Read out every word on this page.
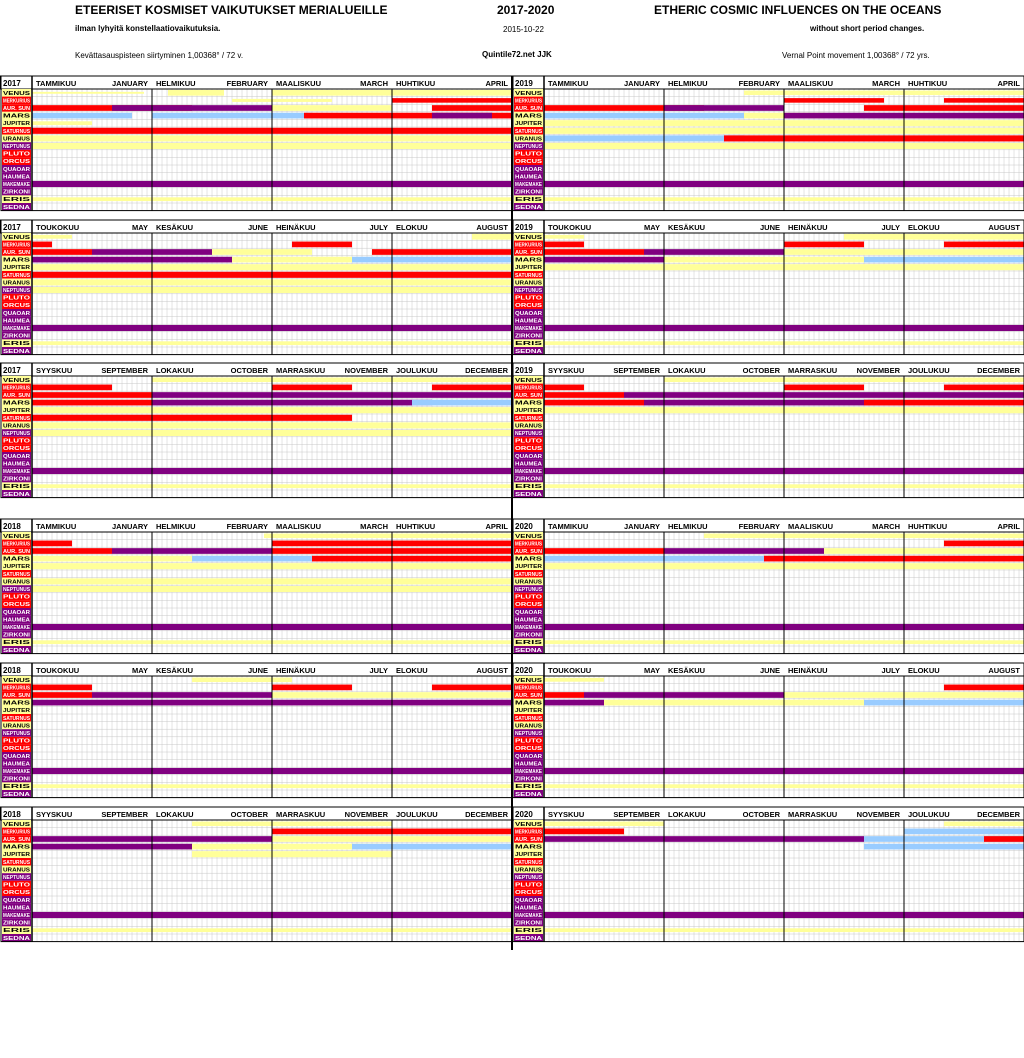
ETEERISET KOSMISET VAIKUTUKSET MERIALUEILLE	2017-2020	ETHERIC COSMIC INFLUENCES ON THE OCEANS
ilman lyhyitä konstellaatiovaikutuksia.	2015-10-22	without short period changes.
Kevättasauspisteen siirtyminen 1,00368° / 72 v.	Quintile72.net JJK	Vernal Point movement 1,00368° / 72 yrs.
2017 TAMMIKUU	JANUARY HELMIKUU	FEBRUARY MAALISKUU	MARCH HUHTIKUU	APRIL
VENUS
MERKURIUS
AUR. SUN
MARS
JUPITER
SATURNUS
URANUS
NEPTUNUS
PLUTO
ORCUS
QUAOAR
HAUMEA
MAKEMAKE
ZIRKONI
ERIS
SEDNA
2019 TAMMIKUU	JANUARY HELMIKUU	FEBRUARY MAALISKUU	MARCH HUHTIKUU	APRIL
VENUS
MERKURIUS
AUR. SUN
MARS
JUPITER
SATURNUS
URANUS
NEPTUNUS
PLUTO
ORCUS
QUAOAR
HAUMEA
MAKEMAKE
ZIRKONI
ERIS
SEDNA
2017 TOUKOKUU	MAY KESÄKUU	JUNE HEINÄKUU	JULY ELOKUU	AUGUST
VENUS
MERKURIUS
AUR. SUN
MARS
JUPITER
SATURNUS
URANUS
NEPTUNUS
PLUTO
ORCUS
QUAOAR
HAUMEA
MAKEMAKE
ZIRKONI
ERIS
SEDNA
2019 TOUKOKUU	MAY KESÄKUU	JUNE HEINÄKUU	JULY ELOKUU	AUGUST
VENUS
MERKURIUS
AUR. SUN
MARS
JUPITER
SATURNUS
URANUS
NEPTUNUS
PLUTO
ORCUS
QUAOAR
HAUMEA
MAKEMAKE
ZIRKONI
ERIS
SEDNA
2017 SYYSKUU	SEPTEMBER LOKAKUU	OCTOBER MARRASKUU	NOVEMBER JOULUKUU	DECEMBER
VENUS
MERKURIUS
AUR. SUN
MARS
JUPITER
SATURNUS
URANUS
NEPTUNUS
PLUTO
ORCUS
QUAOAR
HAUMEA
MAKEMAKE
ZIRKONI
ERIS
SEDNA
2019 SYYSKUU	SEPTEMBER LOKAKUU	OCTOBER MARRASKUU	NOVEMBER JOULUKUU	DECEMBER
VENUS
MERKURIUS
AUR. SUN
MARS
JUPITER
SATURNUS
URANUS
NEPTUNUS
PLUTO
ORCUS
QUAOAR
HAUMEA
MAKEMAKE
ZIRKONI
ERIS
SEDNA
2018 TAMMIKUU	JANUARY HELMIKUU	FEBRUARY MAALISKUU	MARCH HUHTIKUU	APRIL
VENUS
MERKURIUS
AUR. SUN
MARS
JUPITER
SATURNUS
URANUS
NEPTUNUS
PLUTO
ORCUS
QUAOAR
HAUMEA
MAKEMAKE
ZIRKONI
ERIS
SEDNA
2020 TAMMIKUU	JANUARY HELMIKUU	FEBRUARY MAALISKUU	MARCH HUHTIKUU	APRIL
VENUS
MERKURIUS
AUR. SUN
MARS
JUPITER
SATURNUS
URANUS
NEPTUNUS
PLUTO
ORCUS
QUAOAR
HAUMEA
MAKEMAKE
ZIRKONI
ERIS
SEDNA
2018 TOUKOKUU	MAY KESÄKUU	JUNE HEINÄKUU	JULY ELOKUU	AUGUST
VENUS
MERKURIUS
AUR. SUN
MARS
JUPITER
SATURNUS
URANUS
NEPTUNUS
PLUTO
ORCUS
QUAOAR
HAUMEA
MAKEMAKE
ZIRKONI
ERIS
SEDNA
2020 TOUKOKUU	MAY KESÄKUU	JUNE HEINÄKUU	JULY ELOKUU	AUGUST
VENUS
MERKURIUS
AUR. SUN
MARS
JUPITER
SATURNUS
URANUS
NEPTUNUS
PLUTO
ORCUS
QUAOAR
HAUMEA
MAKEMAKE
ZIRKONI
ERIS
SEDNA
2018 SYYSKUU	SEPTEMBER LOKAKUU	OCTOBER MARRASKUU	NOVEMBER JOULUKUU	DECEMBER
VENUS
MERKURIUS
AUR. SUN
MARS
JUPITER
SATURNUS
URANUS
NEPTUNUS
PLUTO
ORCUS
QUAOAR
HAUMEA
MAKEMAKE
ZIRKONI
ERIS
SEDNA
2020 SYYSKUU	SEPTEMBER LOKAKUU	OCTOBER MARRASKUU	NOVEMBER JOULUKUU	DECEMBER
VENUS
MERKURIUS
AUR. SUN
MARS
JUPITER
SATURNUS
URANUS
NEPTUNUS
PLUTO
ORCUS
QUAOAR
HAUMEA
MAKEMAKE
ZIRKONI
ERIS
SEDNA
